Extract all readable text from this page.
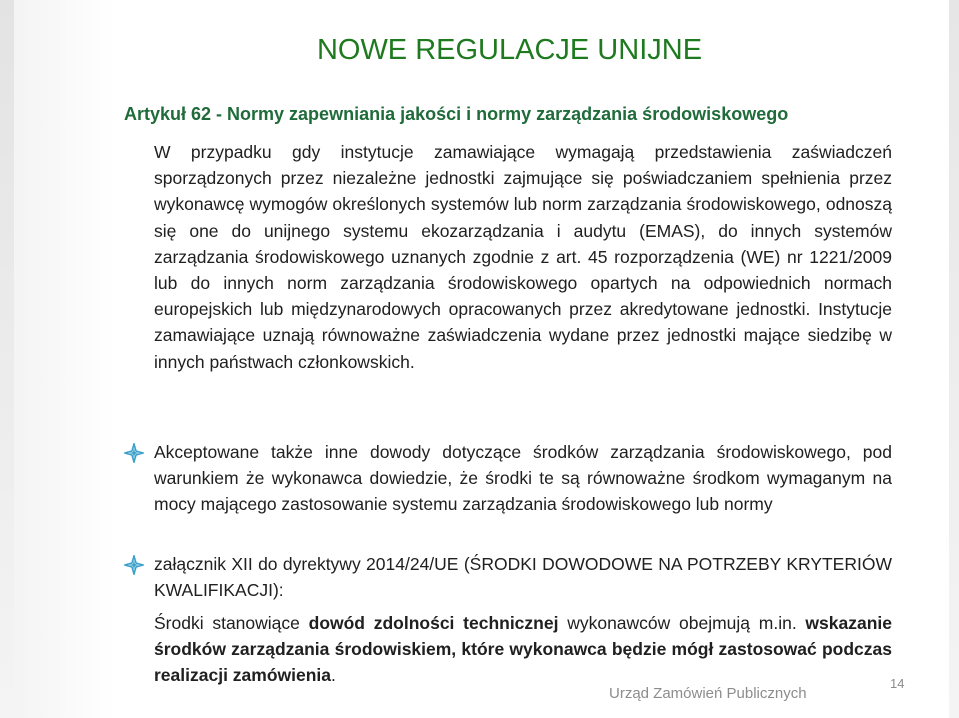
NOWE REGULACJE UNIJNE

Artykuł 62 - Normy zapewniania jakości i normy zarządzania środowiskowego

W przypadku gdy instytucje zamawiające wymagają przedstawienia zaświadczeń sporządzonych przez niezależne jednostki zajmujące się poświadczaniem spełnienia przez wykonawcę wymogów określonych systemów lub norm zarządzania środowiskowego, odnoszą się one do unijnego systemu ekozarządzania i audytu (EMAS), do innych systemów zarządzania środowiskowego uznanych zgodnie z art. 45 rozporządzenia (WE) nr 1221/2009 lub do innych norm zarządzania środowiskowego opartych na odpowiednich normach europejskich lub międzynarodowych opracowanych przez akredytowane jednostki. Instytucje zamawiające uznają równoważne zaświadczenia wydane przez jednostki mające siedzibę w innych państwach członkowskich.

Akceptowane także inne dowody dotyczące środków zarządzania środowiskowego, pod warunkiem że wykonawca dowiedzie, że środki te są równoważne środkom wymaganym na mocy mającego zastosowanie systemu zarządzania środowiskowego lub normy

załącznik XII do dyrektywy 2014/24/UE (ŚRODKI DOWODOWE NA POTRZEBY KRYTERIÓW KWALIFIKACJI):

Środki stanowiące dowód zdolności technicznej wykonawców obejmują m.in. wskazanie środków zarządzania środowiskiem, które wykonawca będzie mógł zastosować podczas realizacji zamówienia.

Urząd Zamówień Publicznych
14
